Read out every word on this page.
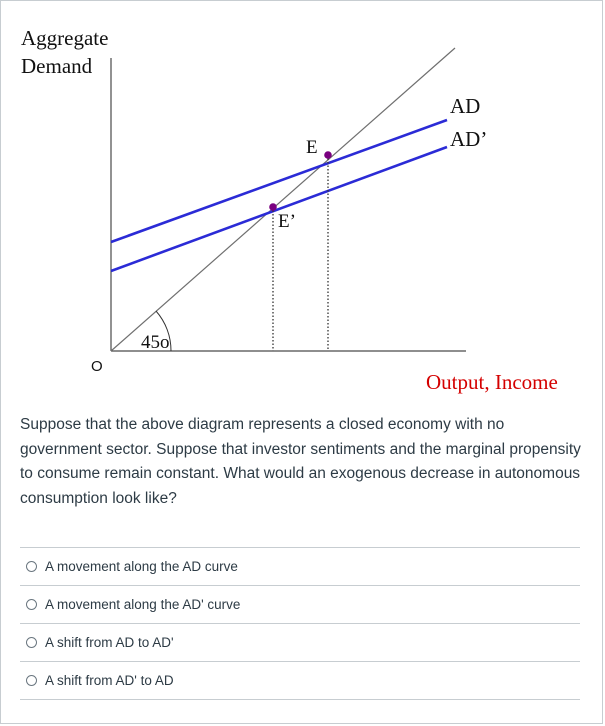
Aggregate
Demand
O
Output, Income
45o
AD
AD’
E
E’
Suppose that the above diagram represents a closed economy with no government sector. Suppose that investor sentiments and the marginal propensity to consume remain constant. What would an exogenous decrease in autonomous consumption look like?
A movement along the AD curve
A movement along the AD' curve
A shift from AD to AD'
A shift from AD' to AD
